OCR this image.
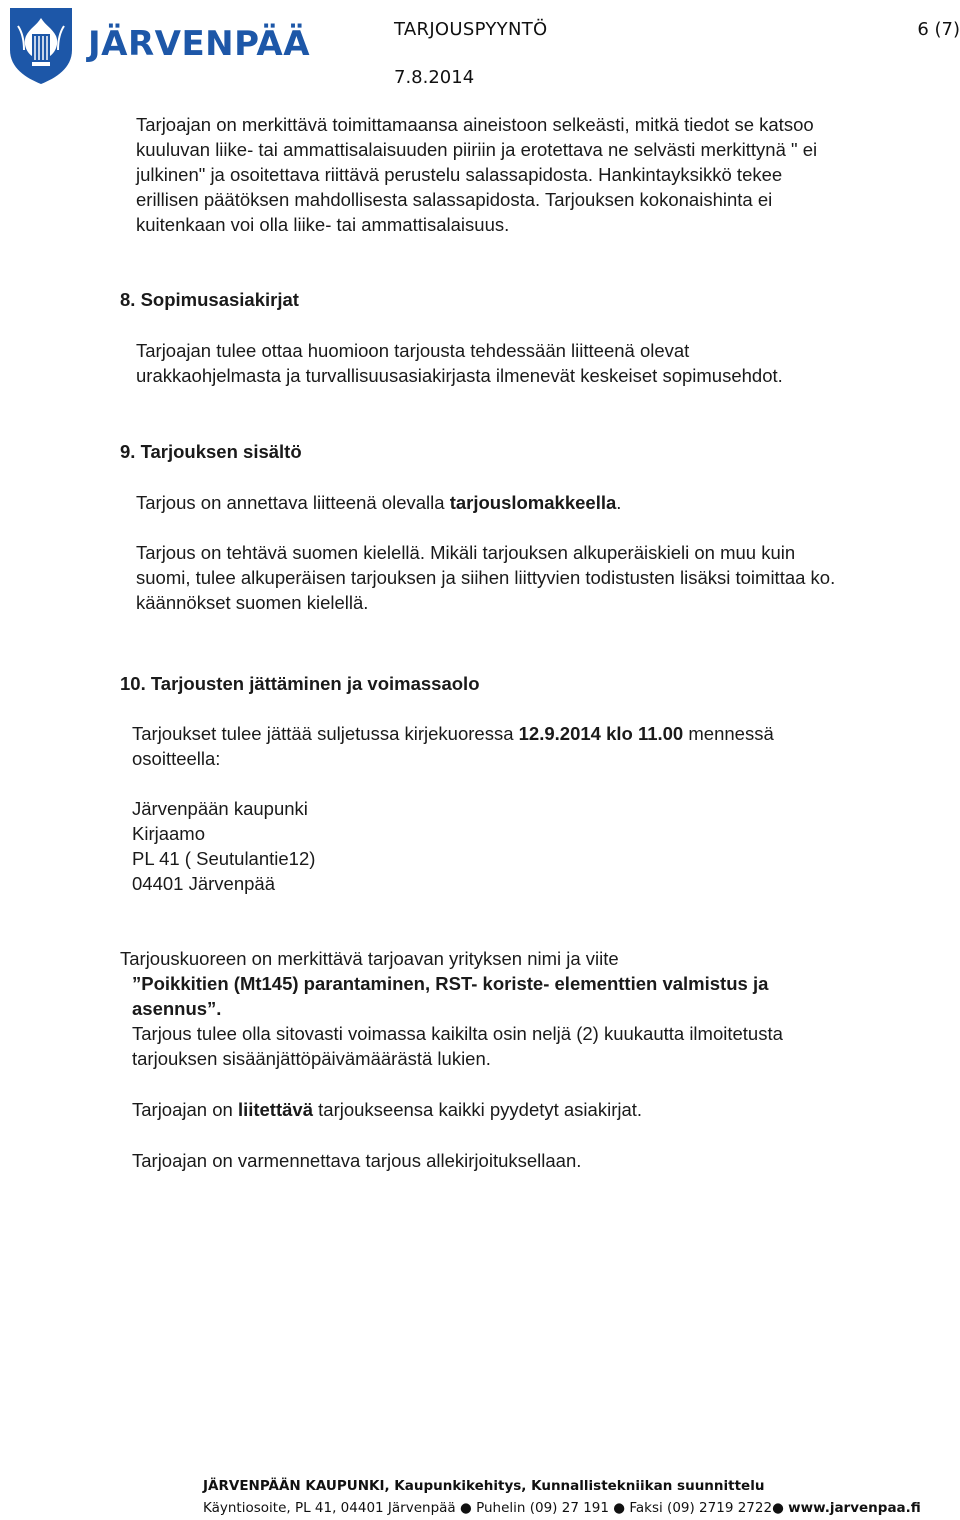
JÄRVENPÄÄ	TARJOUSPYYNTÖ	6 (7)
7.8.2014

Tarjoajan on merkittävä toimittamaansa aineistoon selkeästi, mitkä tiedot se katsoo

kuuluvan liike- tai ammattisalaisuuden piiriin ja erotettava ne selvästi merkittynä " ei

julkinen" ja osoitettava riittävä perustelu salassapidosta. Hankintayksikkö tekee

erillisen päätöksen mahdollisesta salassapidosta. Tarjouksen kokonaishinta ei

kuitenkaan voi olla liike- tai ammattisalaisuus.

8. Sopimusasiakirjat

Tarjoajan tulee ottaa huomioon tarjousta tehdessään liitteenä olevat

urakkaohjelmasta ja turvallisuusasiakirjasta ilmenevät keskeiset sopimusehdot.

9. Tarjouksen sisältö

Tarjous on annettava liitteenä olevalla tarjouslomakkeella.

Tarjous on tehtävä suomen kielellä. Mikäli tarjouksen alkuperäiskieli on muu kuin

suomi, tulee alkuperäisen tarjouksen ja siihen liittyvien todistusten lisäksi toimittaa ko.

käännökset suomen kielellä.

10. Tarjousten jättäminen ja voimassaolo

Tarjoukset tulee jättää suljetussa kirjekuoressa 12.9.2014 klo 11.00 mennessä

osoitteella:

Järvenpään kaupunki

Kirjaamo

PL 41 ( Seutulantie12)

04401 Järvenpää

Tarjouskuoreen on merkittävä tarjoavan yrityksen nimi ja viite

”Poikkitien (Mt145) parantaminen, RST- koriste- elementtien valmistus ja

asennus”.

Tarjous tulee olla sitovasti voimassa kaikilta osin neljä (2) kuukautta ilmoitetusta

tarjouksen sisäänjättöpäivämäärästä lukien.

Tarjoajan on liitettävä tarjoukseensa kaikki pyydetyt asiakirjat.

Tarjoajan on varmennettava tarjous allekirjoituksellaan.

JÄRVENPÄÄN KAUPUNKI, Kaupunkikehitys, Kunnallistekniikan suunnittelu
Käyntiosoite, PL 41, 04401 Järvenpää ● Puhelin (09) 27 191 ● Faksi (09) 2719 2722● www.jarvenpaa.fi
